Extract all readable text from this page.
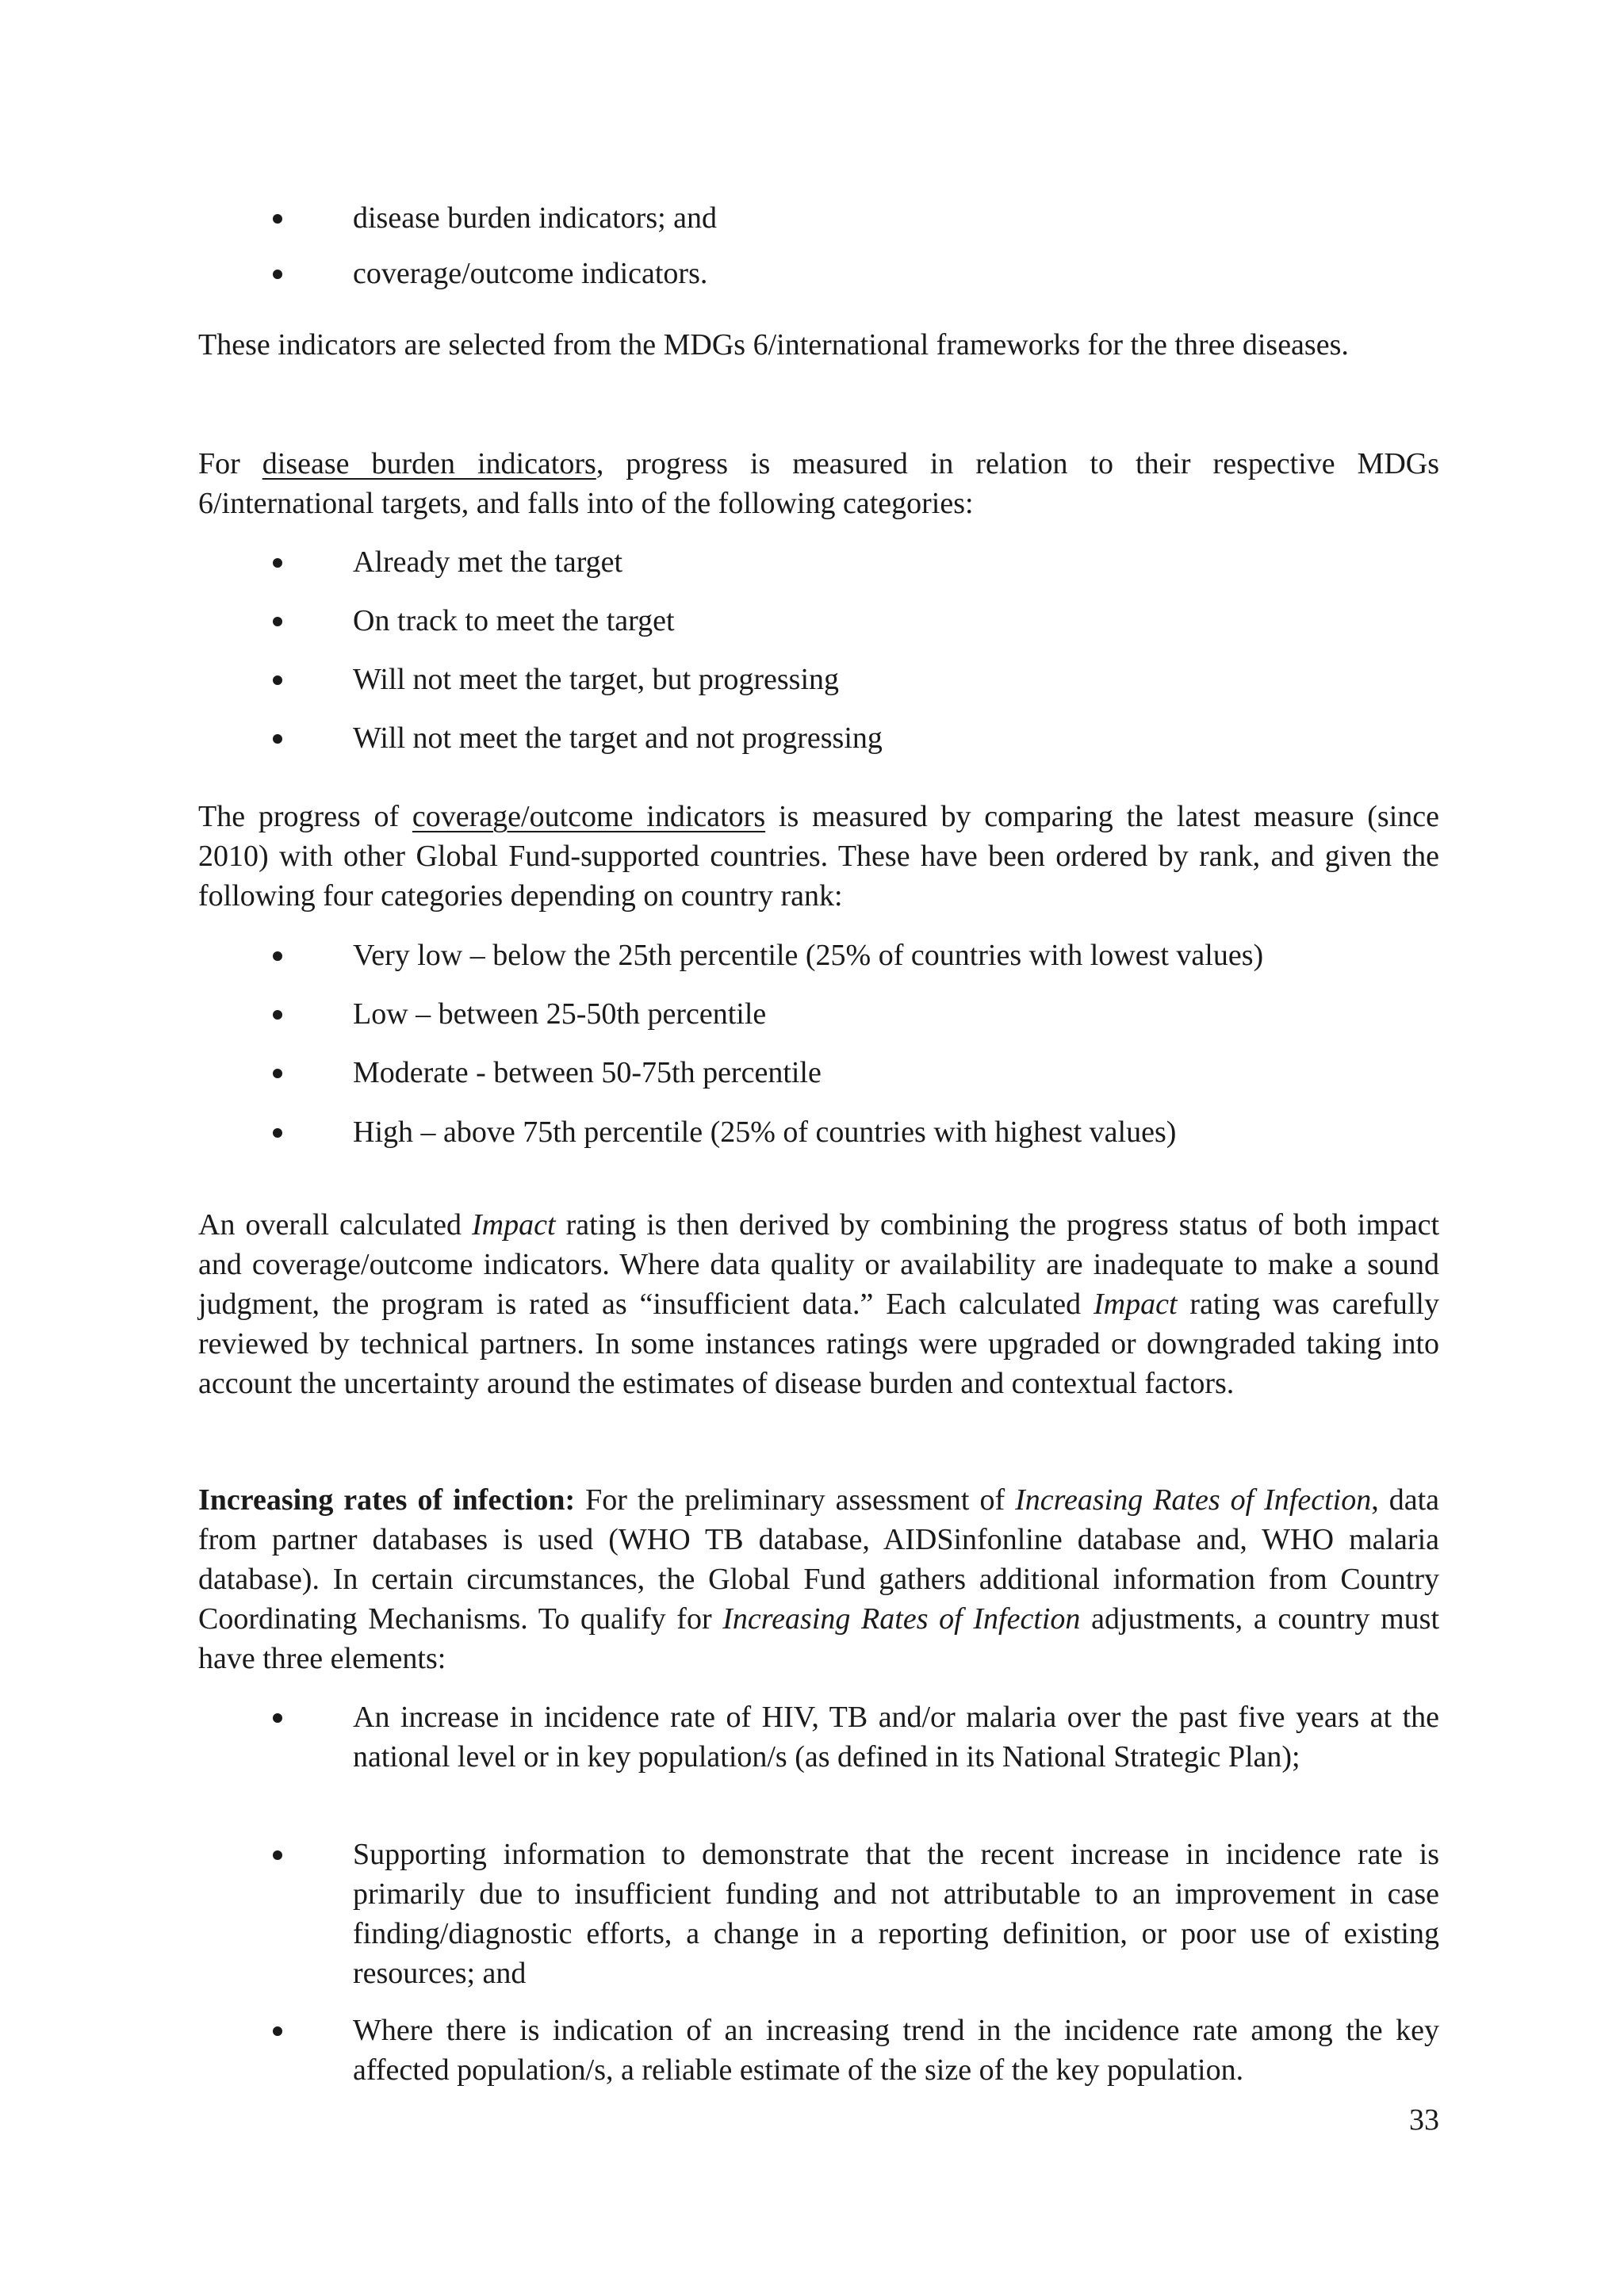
disease burden indicators; and
coverage/outcome indicators.
These indicators are selected from the MDGs 6/international frameworks for the three diseases.
For disease burden indicators, progress is measured in relation to their respective MDGs 6/international targets, and falls into of the following categories:
Already met the target
On track to meet the target
Will not meet the target, but progressing
Will not meet the target and not progressing
The progress of coverage/outcome indicators is measured by comparing the latest measure (since 2010) with other Global Fund-supported countries. These have been ordered by rank, and given the following four categories depending on country rank:
Very low – below the 25th percentile (25% of countries with lowest values)
Low – between 25-50th percentile
Moderate - between 50-75th percentile
High – above 75th percentile (25% of countries with highest values)
An overall calculated Impact rating is then derived by combining the progress status of both impact and coverage/outcome indicators. Where data quality or availability are inadequate to make a sound judgment, the program is rated as “insufficient data.” Each calculated Impact rating was carefully reviewed by technical partners. In some instances ratings were upgraded or downgraded taking into account the uncertainty around the estimates of disease burden and contextual factors.
Increasing rates of infection: For the preliminary assessment of Increasing Rates of Infection, data from partner databases is used (WHO TB database, AIDSinfonline database and, WHO malaria database). In certain circumstances, the Global Fund gathers additional information from Country Coordinating Mechanisms. To qualify for Increasing Rates of Infection adjustments, a country must have three elements:
An increase in incidence rate of HIV, TB and/or malaria over the past five years at the national level or in key population/s (as defined in its National Strategic Plan);
Supporting information to demonstrate that the recent increase in incidence rate is primarily due to insufficient funding and not attributable to an improvement in case finding/diagnostic efforts, a change in a reporting definition, or poor use of existing resources; and
Where there is indication of an increasing trend in the incidence rate among the key affected population/s, a reliable estimate of the size of the key population.
33
